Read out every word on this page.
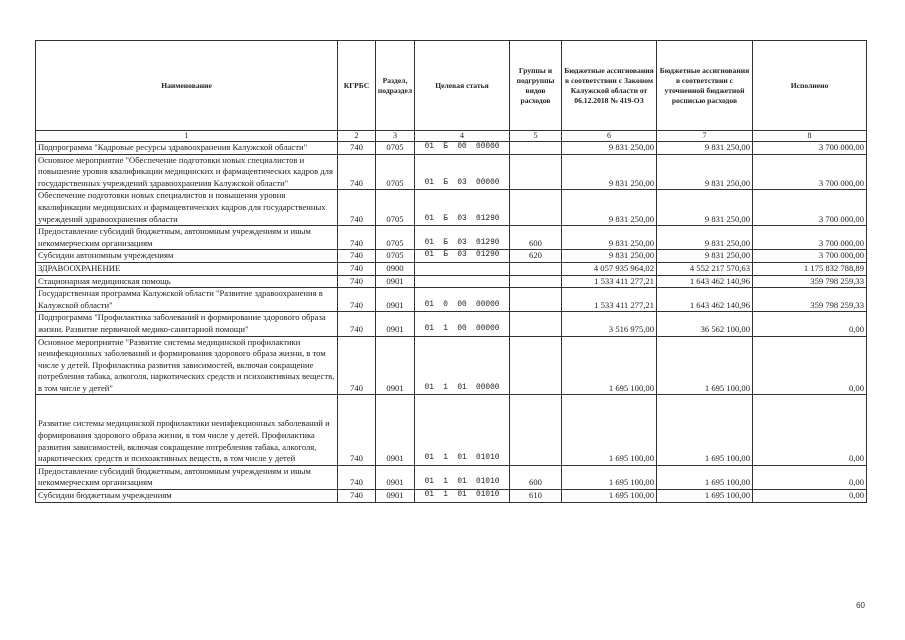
Наименование	КГРБС	Раздел, подраздел	Целевая статья	Группы и подгруппы видов расходов	Бюджетные ассигнования в соответствии с Законом Калужской области от 06.12.2018 № 419-ОЗ	Бюджетные ассигнования в соответствии с уточненной бюджетной росписью расходов	Исполнено
1	2	3	4	5	6	7	8
Подпрограмма "Кадровые ресурсы здравоохранения Калужской области"	740	0705	01  Б  00  00000		9 831 250,00	9 831 250,00	3 700 000,00
Основное мероприятие "Обеспечение подготовки новых специалистов и повышение уровня квалификации медицинских и фармацевтических кадров для государственных учреждений здравоохранения Калужской области"	740	0705	01  Б  03  00000		9 831 250,00	9 831 250,00	3 700 000,00
Обеспечение подготовки новых специалистов и повышения уровня квалификации медицинских и фармацевтических кадров для государственных учреждений здравоохранения области	740	0705	01  Б  03  01290		9 831 250,00	9 831 250,00	3 700 000,00
Предоставление субсидий бюджетным, автономным учреждениям и иным некоммерческим организациям	740	0705	01  Б  03  01290	600	9 831 250,00	9 831 250,00	3 700 000,00
Субсидии автономным учреждениям	740	0705	01  Б  03  01290	620	9 831 250,00	9 831 250,00	3 700 000,00
ЗДРАВООХРАНЕНИЕ	740	0900			4 057 935 964,02	4 552 217 570,63	1 175 832 788,89
Стационарная медицинская помощь	740	0901			1 533 411 277,21	1 643 462 140,96	359 798 259,33
Государственная программа Калужской области "Развитие здравоохранения в Калужской области"	740	0901	01  0  00  00000		1 533 411 277,21	1 643 462 140,96	359 798 259,33
Подпрограмма "Профилактика заболеваний и формирование здорового образа жизни. Развитие первичной медико-санитарной помощи"	740	0901	01  1  00  00000		3 516 975,00	36 562 100,00	0,00
Основное мероприятие "Развитие системы медицинской профилактики неинфекционных заболеваний и формирования здорового образа жизни, в том числе у детей. Профилактика развития зависимостей, включая сокращение потребления табака, алкоголя, наркотических средств и психоактивных веществ, в том числе у детей"	740	0901	01  1  01  00000		1 695 100,00	1 695 100,00	0,00
Развитие системы медицинской профилактики неинфекционных заболеваний и формирования здорового образа жизни, в том числе у детей. Профилактика развития зависимостей, включая сокращение потребления табака, алкоголя, наркотических средств и психоактивных веществ, в том числе у детей	740	0901	01  1  01  01010		1 695 100,00	1 695 100,00	0,00
Предоставление субсидий бюджетным, автономным учреждениям и иным некоммерческим организациям	740	0901	01  1  01  01010	600	1 695 100,00	1 695 100,00	0,00
Субсидии бюджетным учреждениям	740	0901	01  1  01  01010	610	1 695 100,00	1 695 100,00	0,00
60
